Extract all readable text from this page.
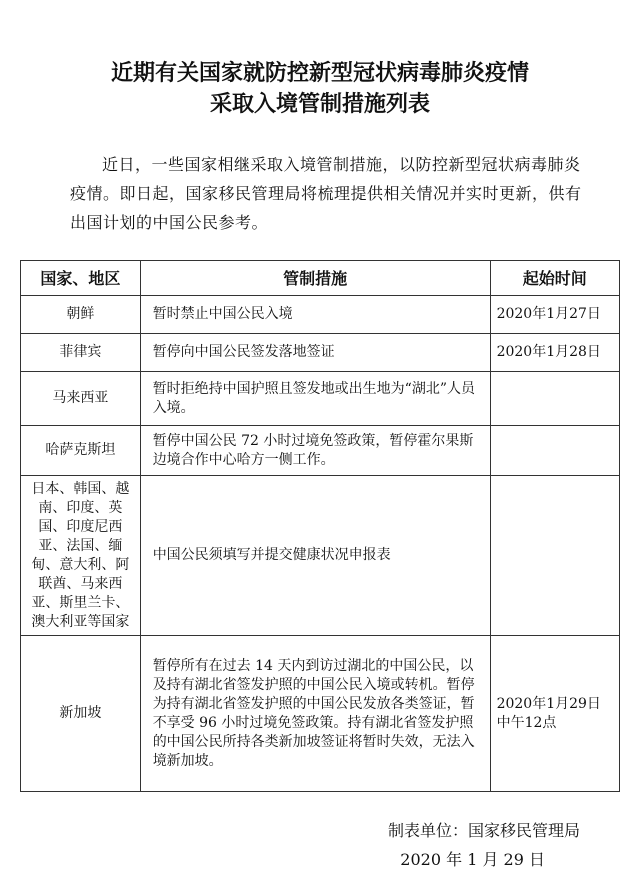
近期有关国家就防控新型冠状病毒肺炎疫情
采取入境管制措施列表
近日，一些国家相继采取入境管制措施，以防控新型冠状病毒肺炎疫情。即日起，国家移民管理局将梳理提供相关情况并实时更新，供有出国计划的中国公民参考。
国家、地区	管制措施	起始时间
朝鲜	暂时禁止中国公民入境	2020年1月27日
菲律宾	暂停向中国公民签发落地签证	2020年1月28日
马来西亚	暂时拒绝持中国护照且签发地或出生地为“湖北”人员入境。	
哈萨克斯坦	暂停中国公民 72 小时过境免签政策，暂停霍尔果斯边境合作中心哈方一侧工作。	
日本、韩国、越南、印度、英国、印度尼西亚、法国、缅甸、意大利、阿联酋、马来西亚、斯里兰卡、澳大利亚等国家	中国公民须填写并提交健康状况申报表	
新加坡	暂停所有在过去 14 天内到访过湖北的中国公民，以及持有湖北省签发护照的中国公民入境或转机。暂停为持有湖北省签发护照的中国公民发放各类签证，暂不享受 96 小时过境免签政策。持有湖北省签发护照的中国公民所持各类新加坡签证将暂时失效，无法入境新加坡。	2020年1月29日中午12点
制表单位：国家移民管理局
2020 年 1 月 29 日
